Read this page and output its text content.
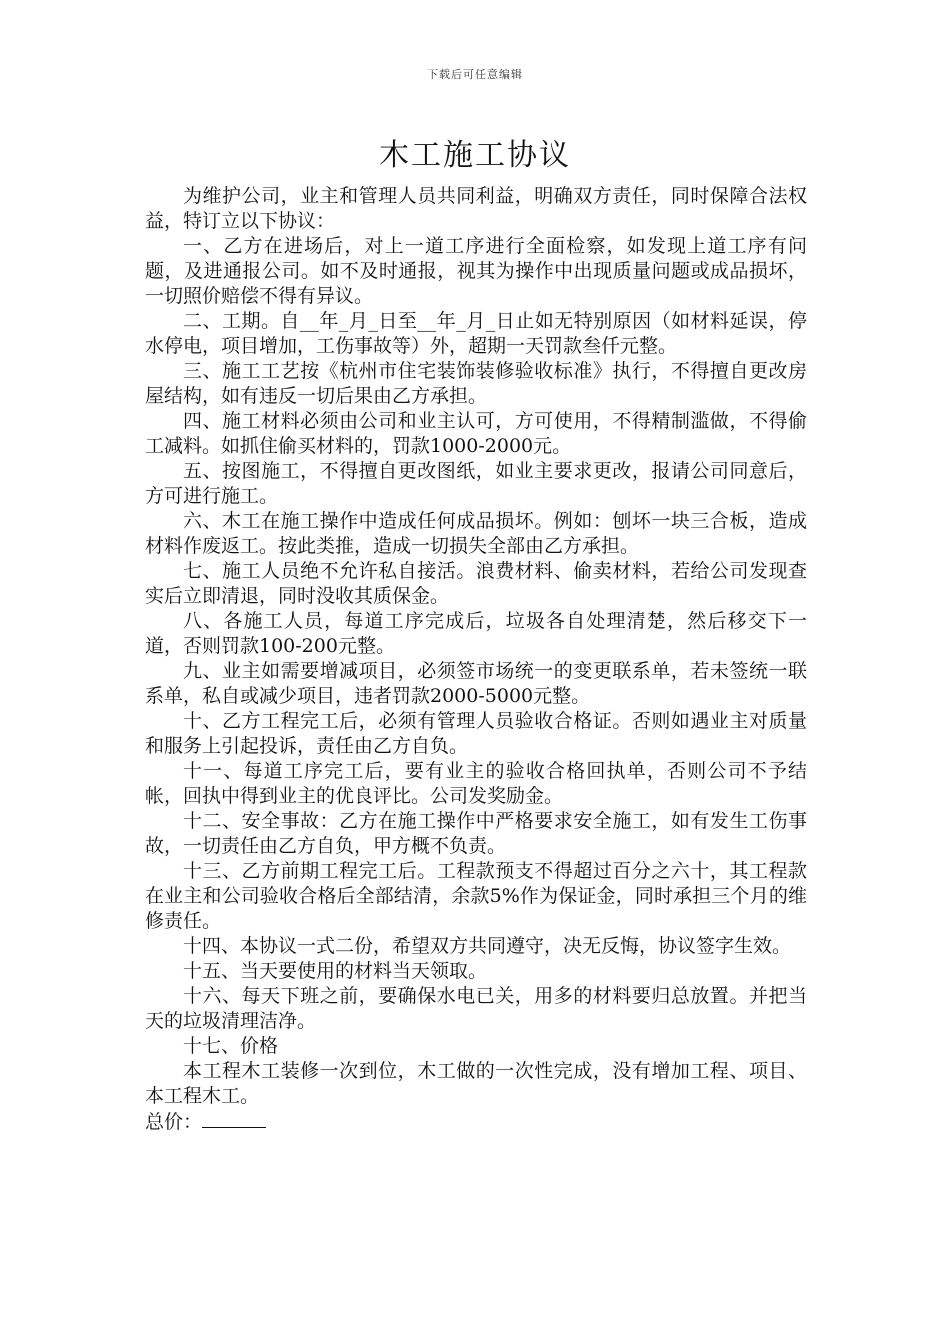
下载后可任意编辑
木工施工协议

为维护公司，业主和管理人员共同利益，明确双方责任，同时保障合法权益，特订立以下协议：

一、乙方在进场后，对上一道工序进行全面检察，如发现上道工序有问题，及进通报公司。如不及时通报，视其为操作中出现质量问题或成品损坏，一切照价赔偿不得有异议。

二、工期。自__年_月_日至__年_月_日止如无特别原因（如材料延误，停水停电，项目增加，工伤事故等）外，超期一天罚款叁仟元整。

三、施工工艺按《杭州市住宅装饰装修验收标准》执行，不得擅自更改房屋结构，如有违反一切后果由乙方承担。

四、施工材料必须由公司和业主认可，方可使用，不得精制滥做，不得偷工减料。如抓住偷买材料的，罚款1000-2000元。

五、按图施工，不得擅自更改图纸，如业主要求更改，报请公司同意后，方可进行施工。

六、木工在施工操作中造成任何成品损坏。例如：刨坏一块三合板，造成材料作废返工。按此类推，造成一切损失全部由乙方承担。

七、施工人员绝不允许私自接活。浪费材料、偷卖材料，若给公司发现查实后立即清退，同时没收其质保金。

八、各施工人员，每道工序完成后，垃圾各自处理清楚，然后移交下一道，否则罚款100-200元整。

九、业主如需要增减项目，必须签市场统一的变更联系单，若未签统一联系单，私自或减少项目，违者罚款2000-5000元整。

十、乙方工程完工后，必须有管理人员验收合格证。否则如遇业主对质量和服务上引起投诉，责任由乙方自负。

十一、每道工序完工后，要有业主的验收合格回执单，否则公司不予结帐，回执中得到业主的优良评比。公司发奖励金。

十二、安全事故：乙方在施工操作中严格要求安全施工，如有发生工伤事故，一切责任由乙方自负，甲方概不负责。

十三、乙方前期工程完工后。工程款预支不得超过百分之六十，其工程款在业主和公司验收合格后全部结清，余款5%作为保证金，同时承担三个月的维修责任。

十四、本协议一式二份，希望双方共同遵守，决无反悔，协议签字生效。

十五、当天要使用的材料当天领取。

十六、每天下班之前，要确保水电已关，用多的材料要归总放置。并把当天的垃圾清理洁净。

十七、价格

本工程木工装修一次到位，木工做的一次性完成，没有增加工程、项目、本工程木工。

总价：
